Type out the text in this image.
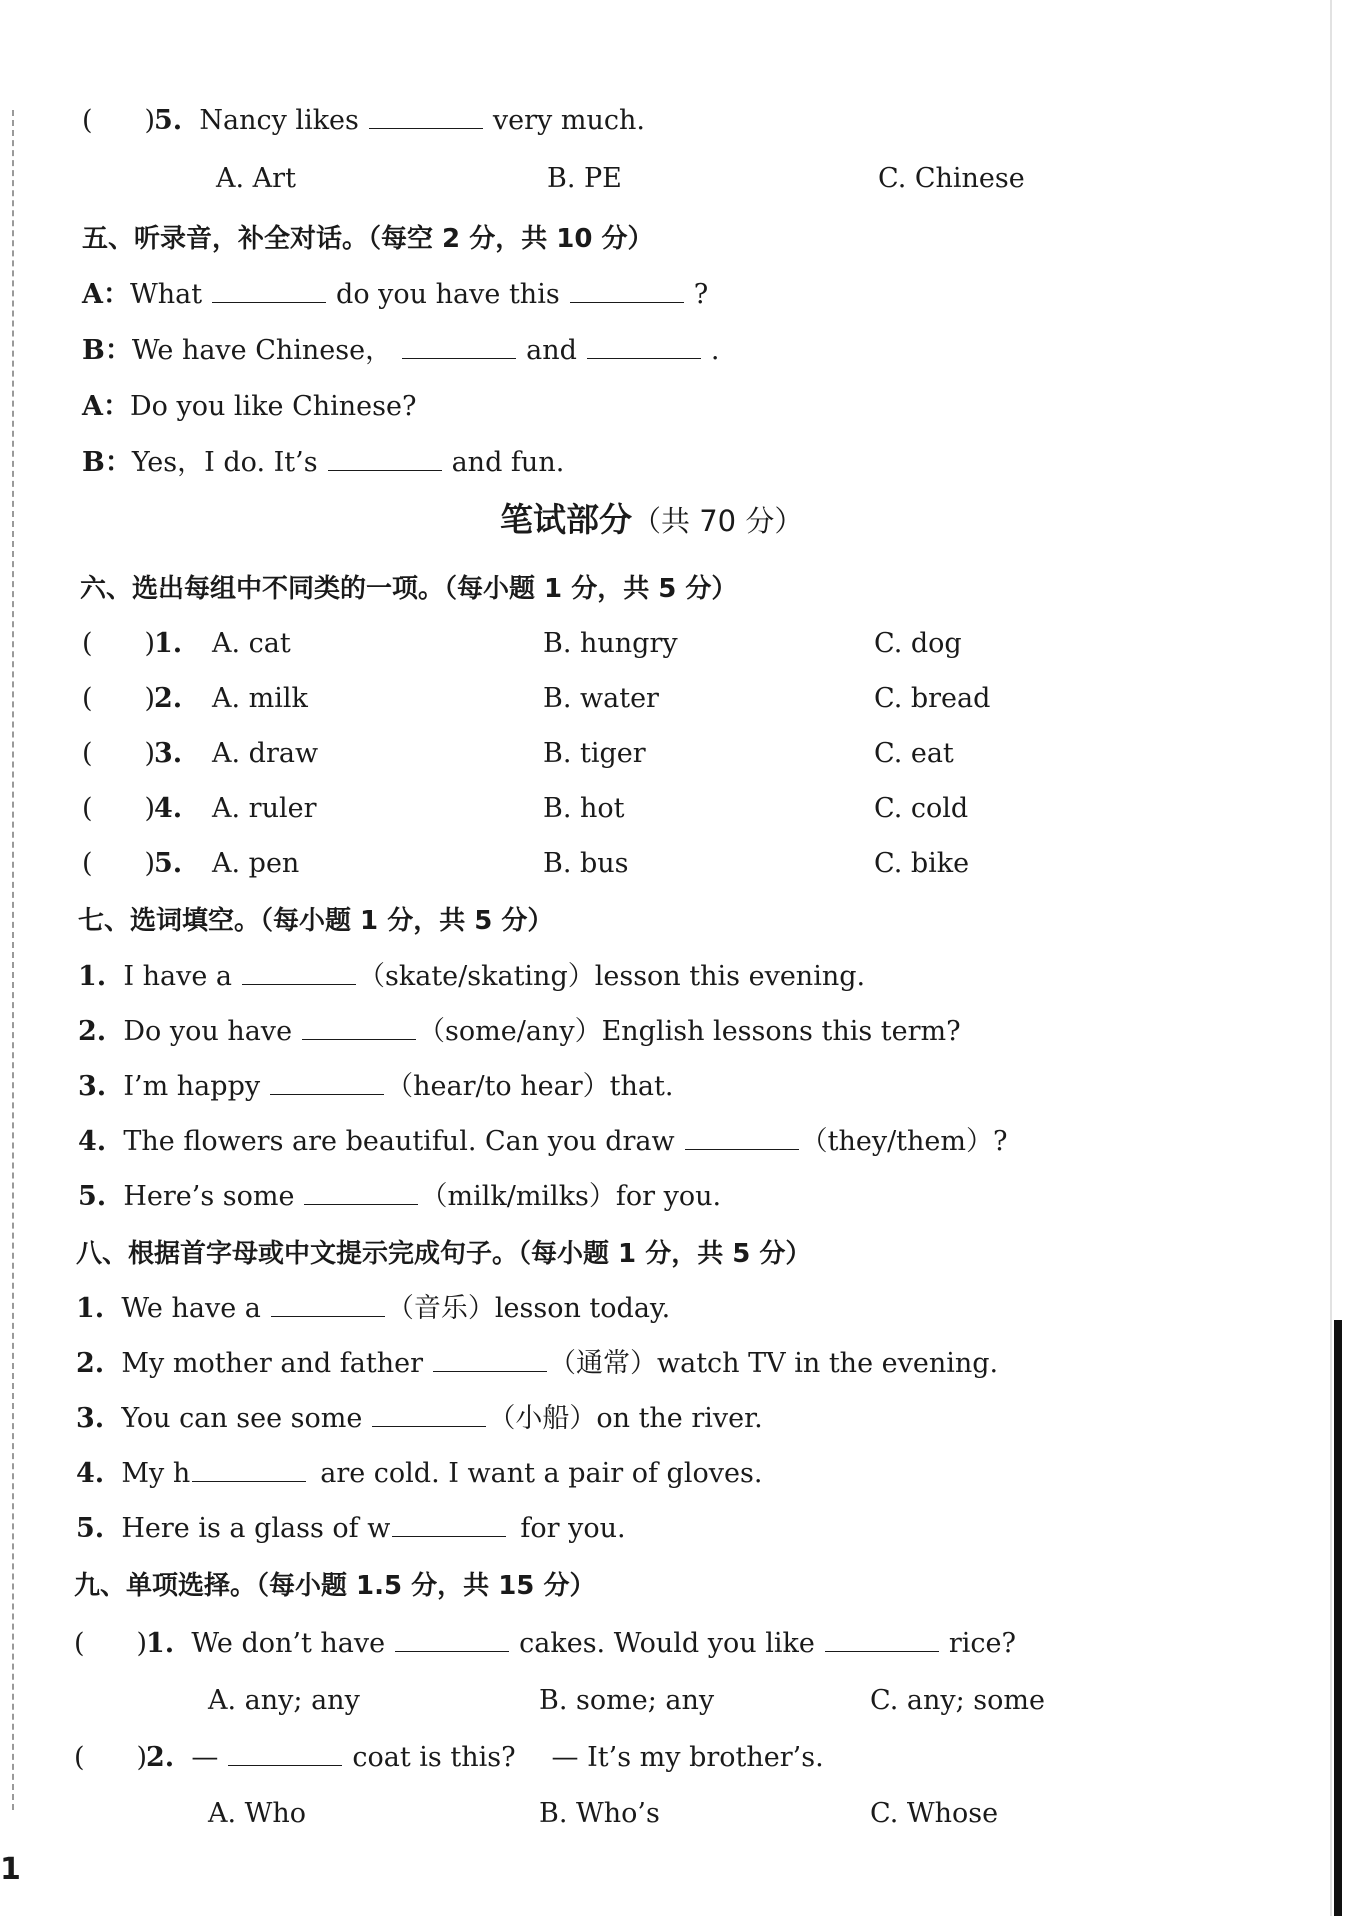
( )5. Nancy likes	very much.
A. Art	B. PE	C. Chinese
五、听录音，补全对话。（每空 2 分，共 10 分）
A：What	do you have this	?
B：We have Chinese，	and	.
A：Do you like Chinese?
B：Yes，I do. It’s	and fun.
笔试部分（共 70 分）
六、选出每组中不同类的一项。（每小题 1 分，共 5 分）
( )1. A. cat	B. hungry	C. dog
( )2. A. milk	B. water	C. bread
( )3. A. draw	B. tiger	C. eat
( )4. A. ruler	B. hot	C. cold
( )5. A. pen	B. bus	C. bike
七、选词填空。（每小题 1 分，共 5 分）
1. I have a	（skate/skating）lesson this evening.
2. Do you have	（some/any）English lessons this term?
3. I’m happy	（hear/to hear）that.
4. The flowers are beautiful. Can you draw	（they/them）?
5. Here’s some	（milk/milks）for you.
八、根据首字母或中文提示完成句子。（每小题 1 分，共 5 分）
1. We have a	（音乐）lesson today.
2. My mother and father	（通常）watch TV in the evening.
3. You can see some	（小船）on the river.
4. My h	are cold. I want a pair of gloves.
5. Here is a glass of w	for you.
九、单项选择。（每小题 1.5 分，共 15 分）
( )1. We don’t have	cakes. Would you like	rice?
A. any; any	B. some; any	C. any; some
( )2. —	coat is this? — It’s my brother’s.
A. Who	B. Who’s	C. Whose
1
